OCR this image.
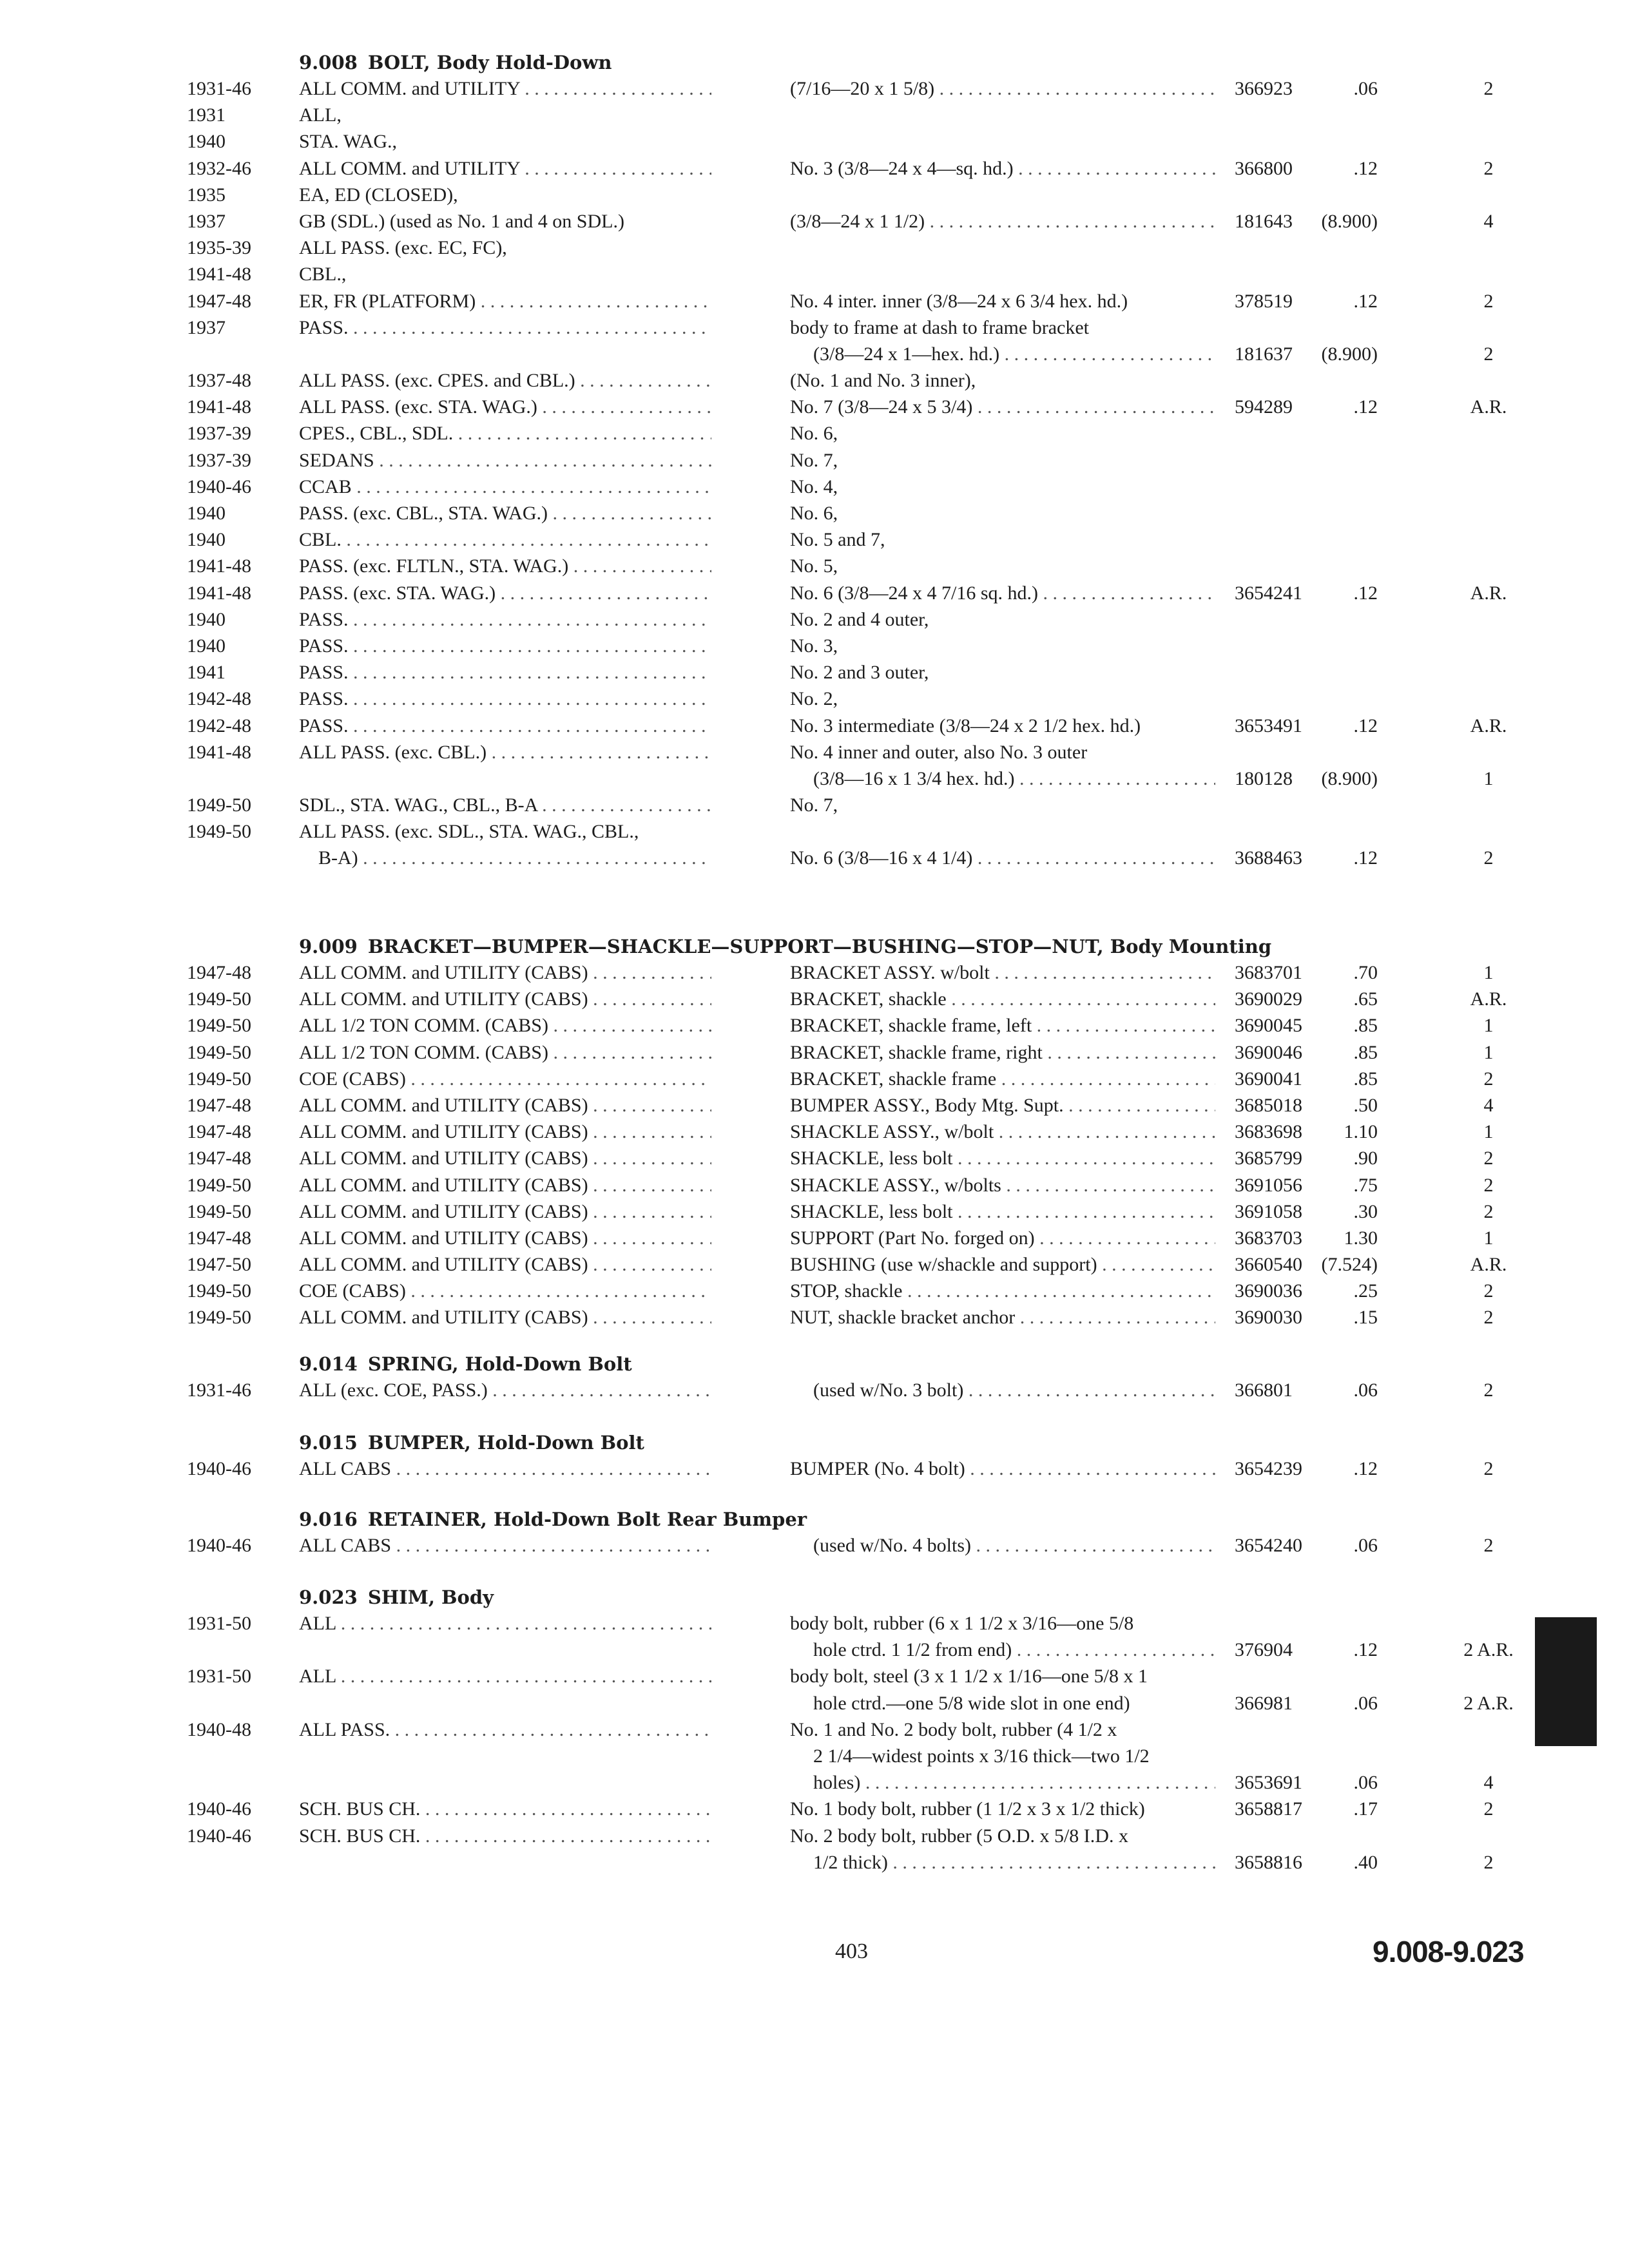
9.008 BOLT, Body Hold-Down
1931-46 ALL COMM. and UTILITY . . .	(7/16—20 x 1 5/8) . . .	366923	.06	2
1931	ALL,
1940	STA. WAG.,
1932-46 ALL COMM. and UTILITY . . .	No. 3 (3/8—24 x 4—sq. hd.) . . .	366800	.12	2
1935	EA, ED (CLOSED),
1937	GB (SDL.) (used as No. 1 and 4 on SDL.)	(3/8—24 x 1 1/2) . . .	181643 (8.900)	4
1935-39 ALL PASS. (exc. EC, FC),
1941-48 CBL.,
1947-48 ER, FR (PLATFORM) . . .	No. 4 inter. inner (3/8—24 x 6 3/4 hex. hd.)	378519	.12	2
1937	PASS. . . .	body to frame at dash to frame bracket
(3/8—24 x 1—hex. hd.) . . .	181637 (8.900)	2
1937-48 ALL PASS. (exc. CPES. and CBL.) . . .	(No. 1 and No. 3 inner),
1941-48 ALL PASS. (exc. STA. WAG.) . . .	No. 7 (3/8—24 x 5 3/4) . . .	594289	.12	A.R.
1937-39 CPES., CBL., SDL. . . .	No. 6,
1937-39 SEDANS . . .	No. 7,
1940-46 CCAB . . .	No. 4,
1940	PASS. (exc. CBL., STA. WAG.) . . .	No. 6,
1940	CBL. . . .	No. 5 and 7,
1941-48 PASS. (exc. FLTLN., STA. WAG.) . . .	No. 5,
1941-48 PASS. (exc. STA. WAG.) . . .	No. 6 (3/8—24 x 4 7/16 sq. hd.) . . .	3654241	.12	A.R.
1940	PASS. . . .	No. 2 and 4 outer,
1940	PASS. . . .	No. 3,
1941	PASS. . . .	No. 2 and 3 outer,
1942-48 PASS. . . .	No. 2,
1942-48 PASS. . . .	No. 3 intermediate (3/8—24 x 2 1/2 hex. hd.)	3653491	.12	A.R.
1941-48 ALL PASS. (exc. CBL.) . . .	No. 4 inner and outer, also No. 3 outer
(3/8—16 x 1 3/4 hex. hd.) . . .	180128 (8.900)	1
1949-50 SDL., STA. WAG., CBL., B-A . . .	No. 7,
1949-50 ALL PASS. (exc. SDL., STA. WAG., CBL.,
B-A) . . .	No. 6 (3/8—16 x 4 1/4) . . .	3688463	.12	2
9.009 BRACKET—BUMPER—SHACKLE—SUPPORT—BUSHING—STOP—NUT, Body Mounting
1947-48 ALL COMM. and UTILITY (CABS) . . .	BRACKET ASSY. w/bolt . . .	3683701	.70	1
1949-50 ALL COMM. and UTILITY (CABS) . . .	BRACKET, shackle . . .	3690029	.65	A.R.
1949-50 ALL 1/2 TON COMM. (CABS) . . .	BRACKET, shackle frame, left . . .	3690045	.85	1
1949-50 ALL 1/2 TON COMM. (CABS) . . .	BRACKET, shackle frame, right . . .	3690046	.85	1
1949-50 COE (CABS) . . .	BRACKET, shackle frame . . .	3690041	.85	2
1947-48 ALL COMM. and UTILITY (CABS) . . .	BUMPER ASSY., Body Mtg. Supt. . . .	3685018	.50	4
1947-48 ALL COMM. and UTILITY (CABS) . . .	SHACKLE ASSY., w/bolt . . .	3683698 1.10	1
1947-48 ALL COMM. and UTILITY (CABS) . . .	SHACKLE, less bolt . . .	3685799	.90	2
1949-50 ALL COMM. and UTILITY (CABS) . . .	SHACKLE ASSY., w/bolts . . .	3691056	.75	2
1949-50 ALL COMM. and UTILITY (CABS) . . .	SHACKLE, less bolt . . .	3691058	.30	2
1947-48 ALL COMM. and UTILITY (CABS) . . .	SUPPORT (Part No. forged on) . . .	3683703 1.30	1
1947-50 ALL COMM. and UTILITY (CABS) . . .	BUSHING (use w/shackle and support) . . .	3660540 (7.524)	A.R.
1949-50 COE (CABS) . . .	STOP, shackle . . .	3690036	.25	2
1949-50 ALL COMM. and UTILITY (CABS) . . .	NUT, shackle bracket anchor . . .	3690030	.15	2
9.014 SPRING, Hold-Down Bolt
1931-46 ALL (exc. COE, PASS.) . . .	(used w/No. 3 bolt) . . .	366801	.06	2
9.015 BUMPER, Hold-Down Bolt
1940-46 ALL CABS . . .	BUMPER (No. 4 bolt) . . .	3654239	.12	2
9.016 RETAINER, Hold-Down Bolt Rear Bumper
1940-46 ALL CABS . . .	(used w/No. 4 bolts) . . .	3654240	.06	2
9.023 SHIM, Body
1931-50 ALL . . .	body bolt, rubber (6 x 1 1/2 x 3/16—one 5/8
hole ctrd. 1 1/2 from end) . . .	376904	.12	2 A.R.
1931-50 ALL . . .	body bolt, steel (3 x 1 1/2 x 1/16—one 5/8 x 1
hole ctrd.—one 5/8 wide slot in one end)	366981	.06	2 A.R.
1940-48 ALL PASS. . . .	No. 1 and No. 2 body bolt, rubber (4 1/2 x
2 1/4—widest points x 3/16 thick—two 1/2
holes) . . .	3653691	.06	4
1940-46 SCH. BUS CH. . . .	No. 1 body bolt, rubber (1 1/2 x 3 x 1/2 thick)	3658817	.17	2
1940-46 SCH. BUS CH. . . .	No. 2 body bolt, rubber (5 O.D. x 5/8 I.D. x
1/2 thick) . . .	3658816	.40	2
403	9.008-9.023
